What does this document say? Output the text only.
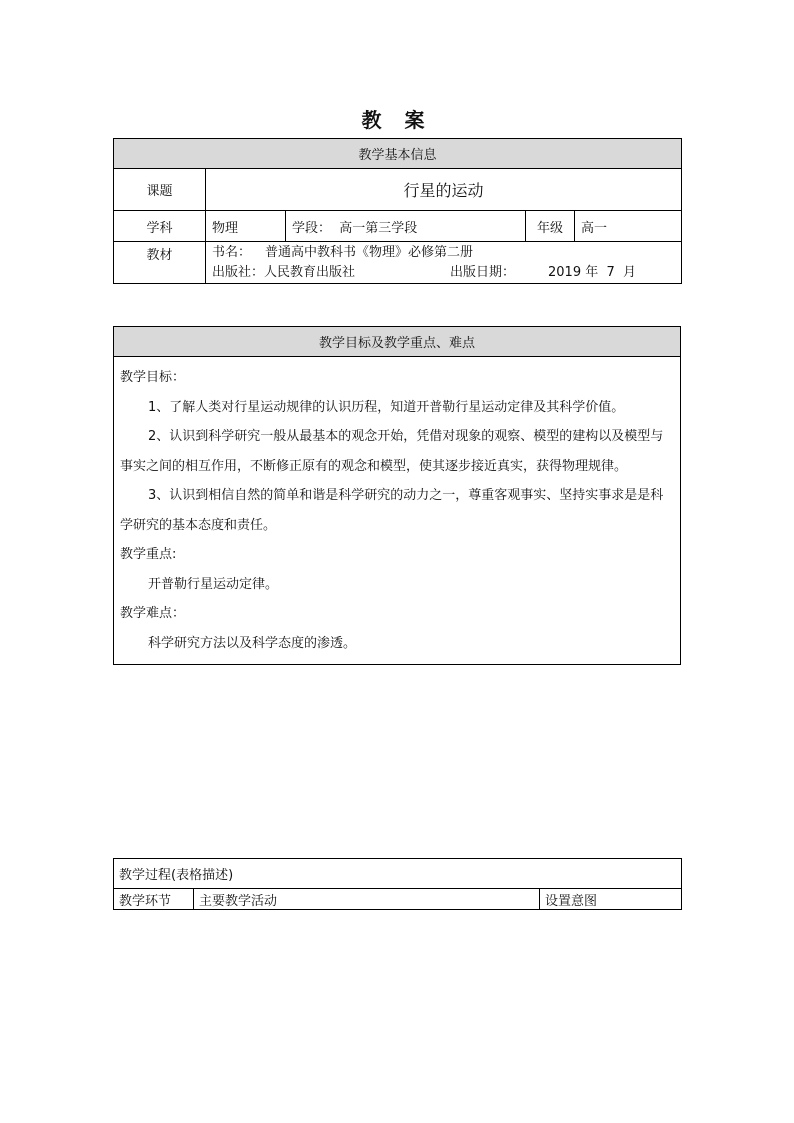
教 案
教学基本信息				
课题	行星的运动			
学科	物理	学段： 高一第三学段	年级	高一
教材	书名： 普通高中教科书《物理》必修第二册
出版社：人民教育出版社 出版日期： 2019 年  7  月			
教学目标及教学重点、难点

教学目标：

1、了解人类对行星运动规律的认识历程，知道开普勒行星运动定律及其科学价值。

2、认识到科学研究一般从最基本的观念开始，凭借对现象的观察、模型的建构以及模型与事实之间的相互作用，不断修正原有的观念和模型，使其逐步接近真实，获得物理规律。

3、认识到相信自然的简单和谐是科学研究的动力之一，尊重客观事实、坚持实事求是是科学研究的基本态度和责任。

教学重点:

开普勒行星运动定律。

教学难点：

科学研究方法以及科学态度的渗透。

教学过程(表格描述)
教学环节	主要教学活动	设置意图
